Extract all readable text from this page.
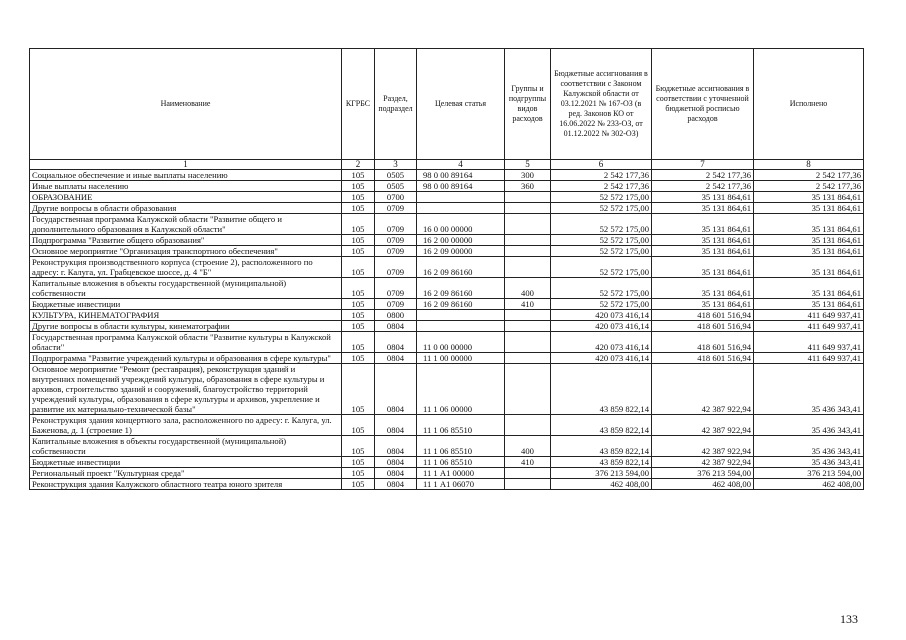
Наименование	КГРБС	Раздел, подраздел	Целевая статья	Группы и подгруппы видов расходов	Бюджетные ассигнования в соответствии с Законом Калужской области от 03.12.2021 № 167-ОЗ (в ред. Законов КО от 16.06.2022 № 233-ОЗ, от 01.12.2022 № 302-ОЗ)	Бюджетные ассигнования в соответствии с уточненной бюджетной росписью расходов	Исполнено
1	2	3	4	5	6	7	8
Социальное обеспечение и иные выплаты населению	105	0505	98 0 00 89164	300	2 542 177,36	2 542 177,36	2 542 177,36
Иные выплаты населению	105	0505	98 0 00 89164	360	2 542 177,36	2 542 177,36	2 542 177,36
ОБРАЗОВАНИЕ	105	0700			52 572 175,00	35 131 864,61	35 131 864,61
Другие вопросы в области образования	105	0709			52 572 175,00	35 131 864,61	35 131 864,61
Государственная программа Калужской области "Развитие общего и дополнительного образования в Калужской области"	105	0709	16 0 00 00000		52 572 175,00	35 131 864,61	35 131 864,61
Подпрограмма "Развитие общего образования"	105	0709	16 2 00 00000		52 572 175,00	35 131 864,61	35 131 864,61
Основное мероприятие "Организация транспортного обеспечения"	105	0709	16 2 09 00000		52 572 175,00	35 131 864,61	35 131 864,61
Реконструкция производственного корпуса (строение 2), расположенного по адресу: г. Калуга, ул. Грабцевское шоссе, д. 4 "Б"	105	0709	16 2 09 86160		52 572 175,00	35 131 864,61	35 131 864,61
Капитальные вложения в объекты государственной (муниципальной) собственности	105	0709	16 2 09 86160	400	52 572 175,00	35 131 864,61	35 131 864,61
Бюджетные инвестиции	105	0709	16 2 09 86160	410	52 572 175,00	35 131 864,61	35 131 864,61
КУЛЬТУРА, КИНЕМАТОГРАФИЯ	105	0800			420 073 416,14	418 601 516,94	411 649 937,41
Другие вопросы в области культуры, кинематографии	105	0804			420 073 416,14	418 601 516,94	411 649 937,41
Государственная программа Калужской области "Развитие культуры в Калужской области"	105	0804	11 0 00 00000		420 073 416,14	418 601 516,94	411 649 937,41
Подпрограмма "Развитие учреждений культуры и образования в сфере культуры"	105	0804	11 1 00 00000		420 073 416,14	418 601 516,94	411 649 937,41
Основное мероприятие "Ремонт (реставрация), реконструкция зданий и внутренних помещений учреждений культуры, образования в сфере культуры и архивов, строительство зданий и сооружений, благоустройство территорий учреждений культуры, образования в сфере культуры и архивов, укрепление и развитие их материально-технической базы"	105	0804	11 1 06 00000		43 859 822,14	42 387 922,94	35 436 343,41
Реконструкция здания концертного зала, расположенного по адресу: г. Калуга, ул. Баженова, д. 1 (строение 1)	105	0804	11 1 06 85510		43 859 822,14	42 387 922,94	35 436 343,41
Капитальные вложения в объекты государственной (муниципальной) собственности	105	0804	11 1 06 85510	400	43 859 822,14	42 387 922,94	35 436 343,41
Бюджетные инвестиции	105	0804	11 1 06 85510	410	43 859 822,14	42 387 922,94	35 436 343,41
Региональный проект "Культурная среда"	105	0804	11 1 А1 00000		376 213 594,00	376 213 594,00	376 213 594,00
Реконструкция здания Калужского областного театра юного зрителя	105	0804	11 1 А1 06070		462 408,00	462 408,00	462 408,00
133
